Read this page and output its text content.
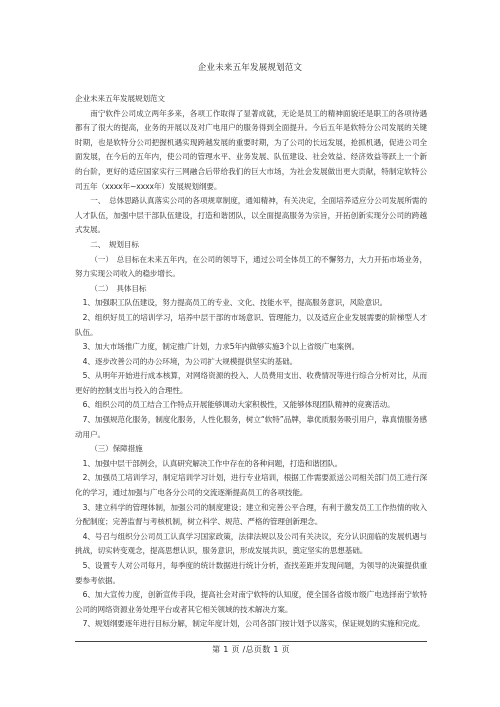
企业未来五年发展规划范文

企业未来五年发展规划范文

南宁软件公司成立两年多来，各项工作取得了显著成就，无论是员工的精神面貌还是职工的各项待遇都有了很大的提高，业务的开展以及对广电用户的服务得到全面提升。今后五年是软特分公司发展的关键时期，也是软特分公司把握机遇实现跨越发展的重要时期，为了公司的长远发展，抢抓机遇，促进公司全面发展，在今后的五年内，使公司的管理水平、业务发展、队伍建设、社会效益、经济效益等跃上一个新的台阶，更好的适应国家实行三网融合后带给我们的巨大市场，为社会发展做出更大贡献，特制定软特公司五年（xxxx年~xxxx年）发展规划纲要。

一、　总体思路认真落实公司的各项规章制度，通知精神，有关决定，全面培养适应分公司发展所需的人才队伍，加强中层干部队伍建设，打造和谐团队，以全面提高服务为宗旨，开拓创新实现分公司的跨越式发展。

二、　规划目标

（一）　总目标在未来五年内，在公司的领导下，通过公司全体员工的不懈努力，大力开拓市场业务，努力实现公司收入的稳步增长。

（二）　具体目标

1、加强职工队伍建设，努力提高员工的专业、文化、技能水平，提高服务意识，风险意识。

2、组织好员工的培训学习，培养中层干部的市场意识、管理能力，以及适应企业发展需要的阶梯型人才队伍。

3、加大市场推广力度，制定推广计划，力求5年内做够实施3个以上省级广电案例。

4、逐步改善公司的办公环境，为公司扩大规模提供坚实的基础。

5、从明年开始进行成本核算，对网络资源的投入、人员费用支出、收费情况等进行综合分析对比，从而更好的控制支出与投入的合理性。

6、组织公司的员工结合工作特点开展能够调动大家积极性，又能够体现团队精神的竞赛活动。

7、加强规范化服务，制度化服务，人性化服务，树立“软特”品牌，靠优质服务吸引用户，靠真情服务感动用户。

（三）保障措施

1、加强中层干部例会，认真研究解决工作中存在的各种问题，打造和谐团队。

2、加强员工培训学习，制定培训学习计划，进行专业培训，根据工作需要派送公司相关部门员工进行深化的学习，通过加强与广电各分公司的交流逐渐提高员工的各项技能。

3、建立科学的管理体制，加强公司的制度建设；建立和完善公平合理，有利于激发员工工作热情的收入分配制度；完善监督与考核机制，树立科学、规范、严格的管理创新理念。

4、号召与组织分公司员工认真学习国家政策，法律法规以及公司有关决议，充分认识面临的发展机遇与挑战，切实转变观念，提高思想认识，服务意识，形成发展共识，奠定坚实的思想基础。

5、设置专人对公司每月，每季度的统计数据进行统计分析，查找差距并发现问题，为领导的决策提供重要参考依据。

6、加大宣传力度，创新宣传手段，提高社会对南宁软特的认知度，使全国各省级市级广电选择南宁软特公司的网络资源业务处理平台或者其它相关领域的技术解决方案。

7、规划纲要逐年进行目标分解，制定年度计划，公司各部门按计划予以落实，保证规划的实施和完成。

第 1 页 /总页数 1 页
